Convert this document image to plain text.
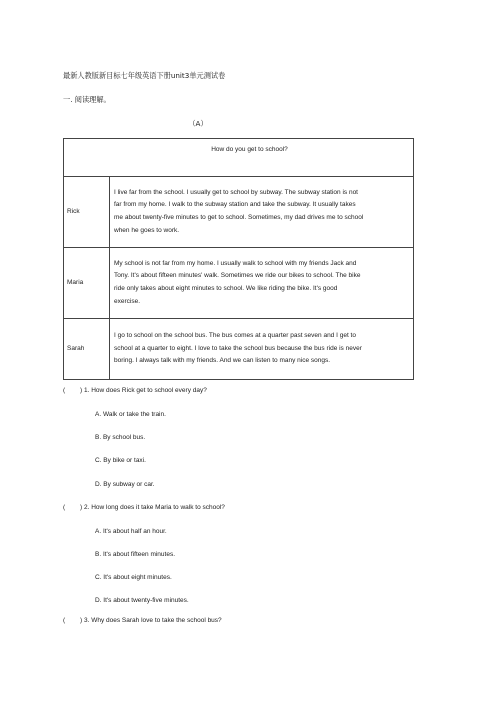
最新人教版新目标七年级英语下册unit3单元测试卷
一. 阅读理解。
（A）
How do you get to school?	
Rick	I live far from the school. I usually get to school by subway. The subway station is not
far from my home. I walk to the subway station and take the subway. It usually takes
me about twenty-five minutes to get to school. Sometimes, my dad drives me to school
when he goes to work.

Maria	My school is not far from my home. I usually walk to school with my friends Jack and
Tony. It's about fifteen minutes' walk. Sometimes we ride our bikes to school. The bike
ride only takes about eight minutes to school. We like riding the bike. It's good
exercise.

Sarah	I go to school on the school bus. The bus comes at a quarter past seven and I get to
school at a quarter to eight. I love to take the school bus because the bus ride is never
boring. I always talk with my friends. And we can listen to many nice songs.
( ) 1. How does Rick get to school every day?
A. Walk or take the train.
B. By school bus.
C. By bike or taxi.
D. By subway or car.
( ) 2. How long does it take Maria to walk to school?
A. It's about half an hour.
B. It's about fifteen minutes.
C. It's about eight minutes.
D. It's about twenty-five minutes.
( ) 3. Why does Sarah love to take the school bus?
